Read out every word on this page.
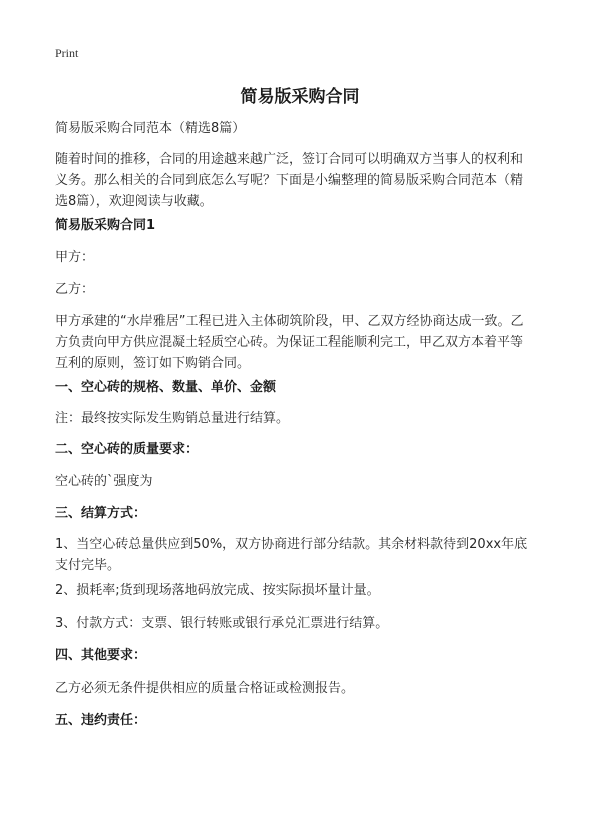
Print
简易版采购合同

简易版采购合同范本（精选8篇）

随着时间的推移，合同的用途越来越广泛，签订合同可以明确双方当事人的权利和
义务。那么相关的合同到底怎么写呢？下面是小编整理的简易版采购合同范本（精
选8篇），欢迎阅读与收藏。

简易版采购合同1

甲方：

乙方：

甲方承建的“水岸雅居”工程已进入主体砌筑阶段，甲、乙双方经协商达成一致。乙
方负责向甲方供应混凝土轻质空心砖。为保证工程能顺利完工，甲乙双方本着平等
互利的原则，签订如下购销合同。

一、空心砖的规格、数量、单价、金额

注：最终按实际发生购销总量进行结算。

二、空心砖的质量要求：

空心砖的`强度为

三、结算方式：

1、当空心砖总量供应到50%，双方协商进行部分结款。其余材料款待到20xx年底
支付完毕。

2、损耗率;货到现场落地码放完成、按实际损坏量计量。

3、付款方式：支票、银行转账或银行承兑汇票进行结算。

四、其他要求：

乙方必须无条件提供相应的质量合格证或检测报告。

五、违约责任：
